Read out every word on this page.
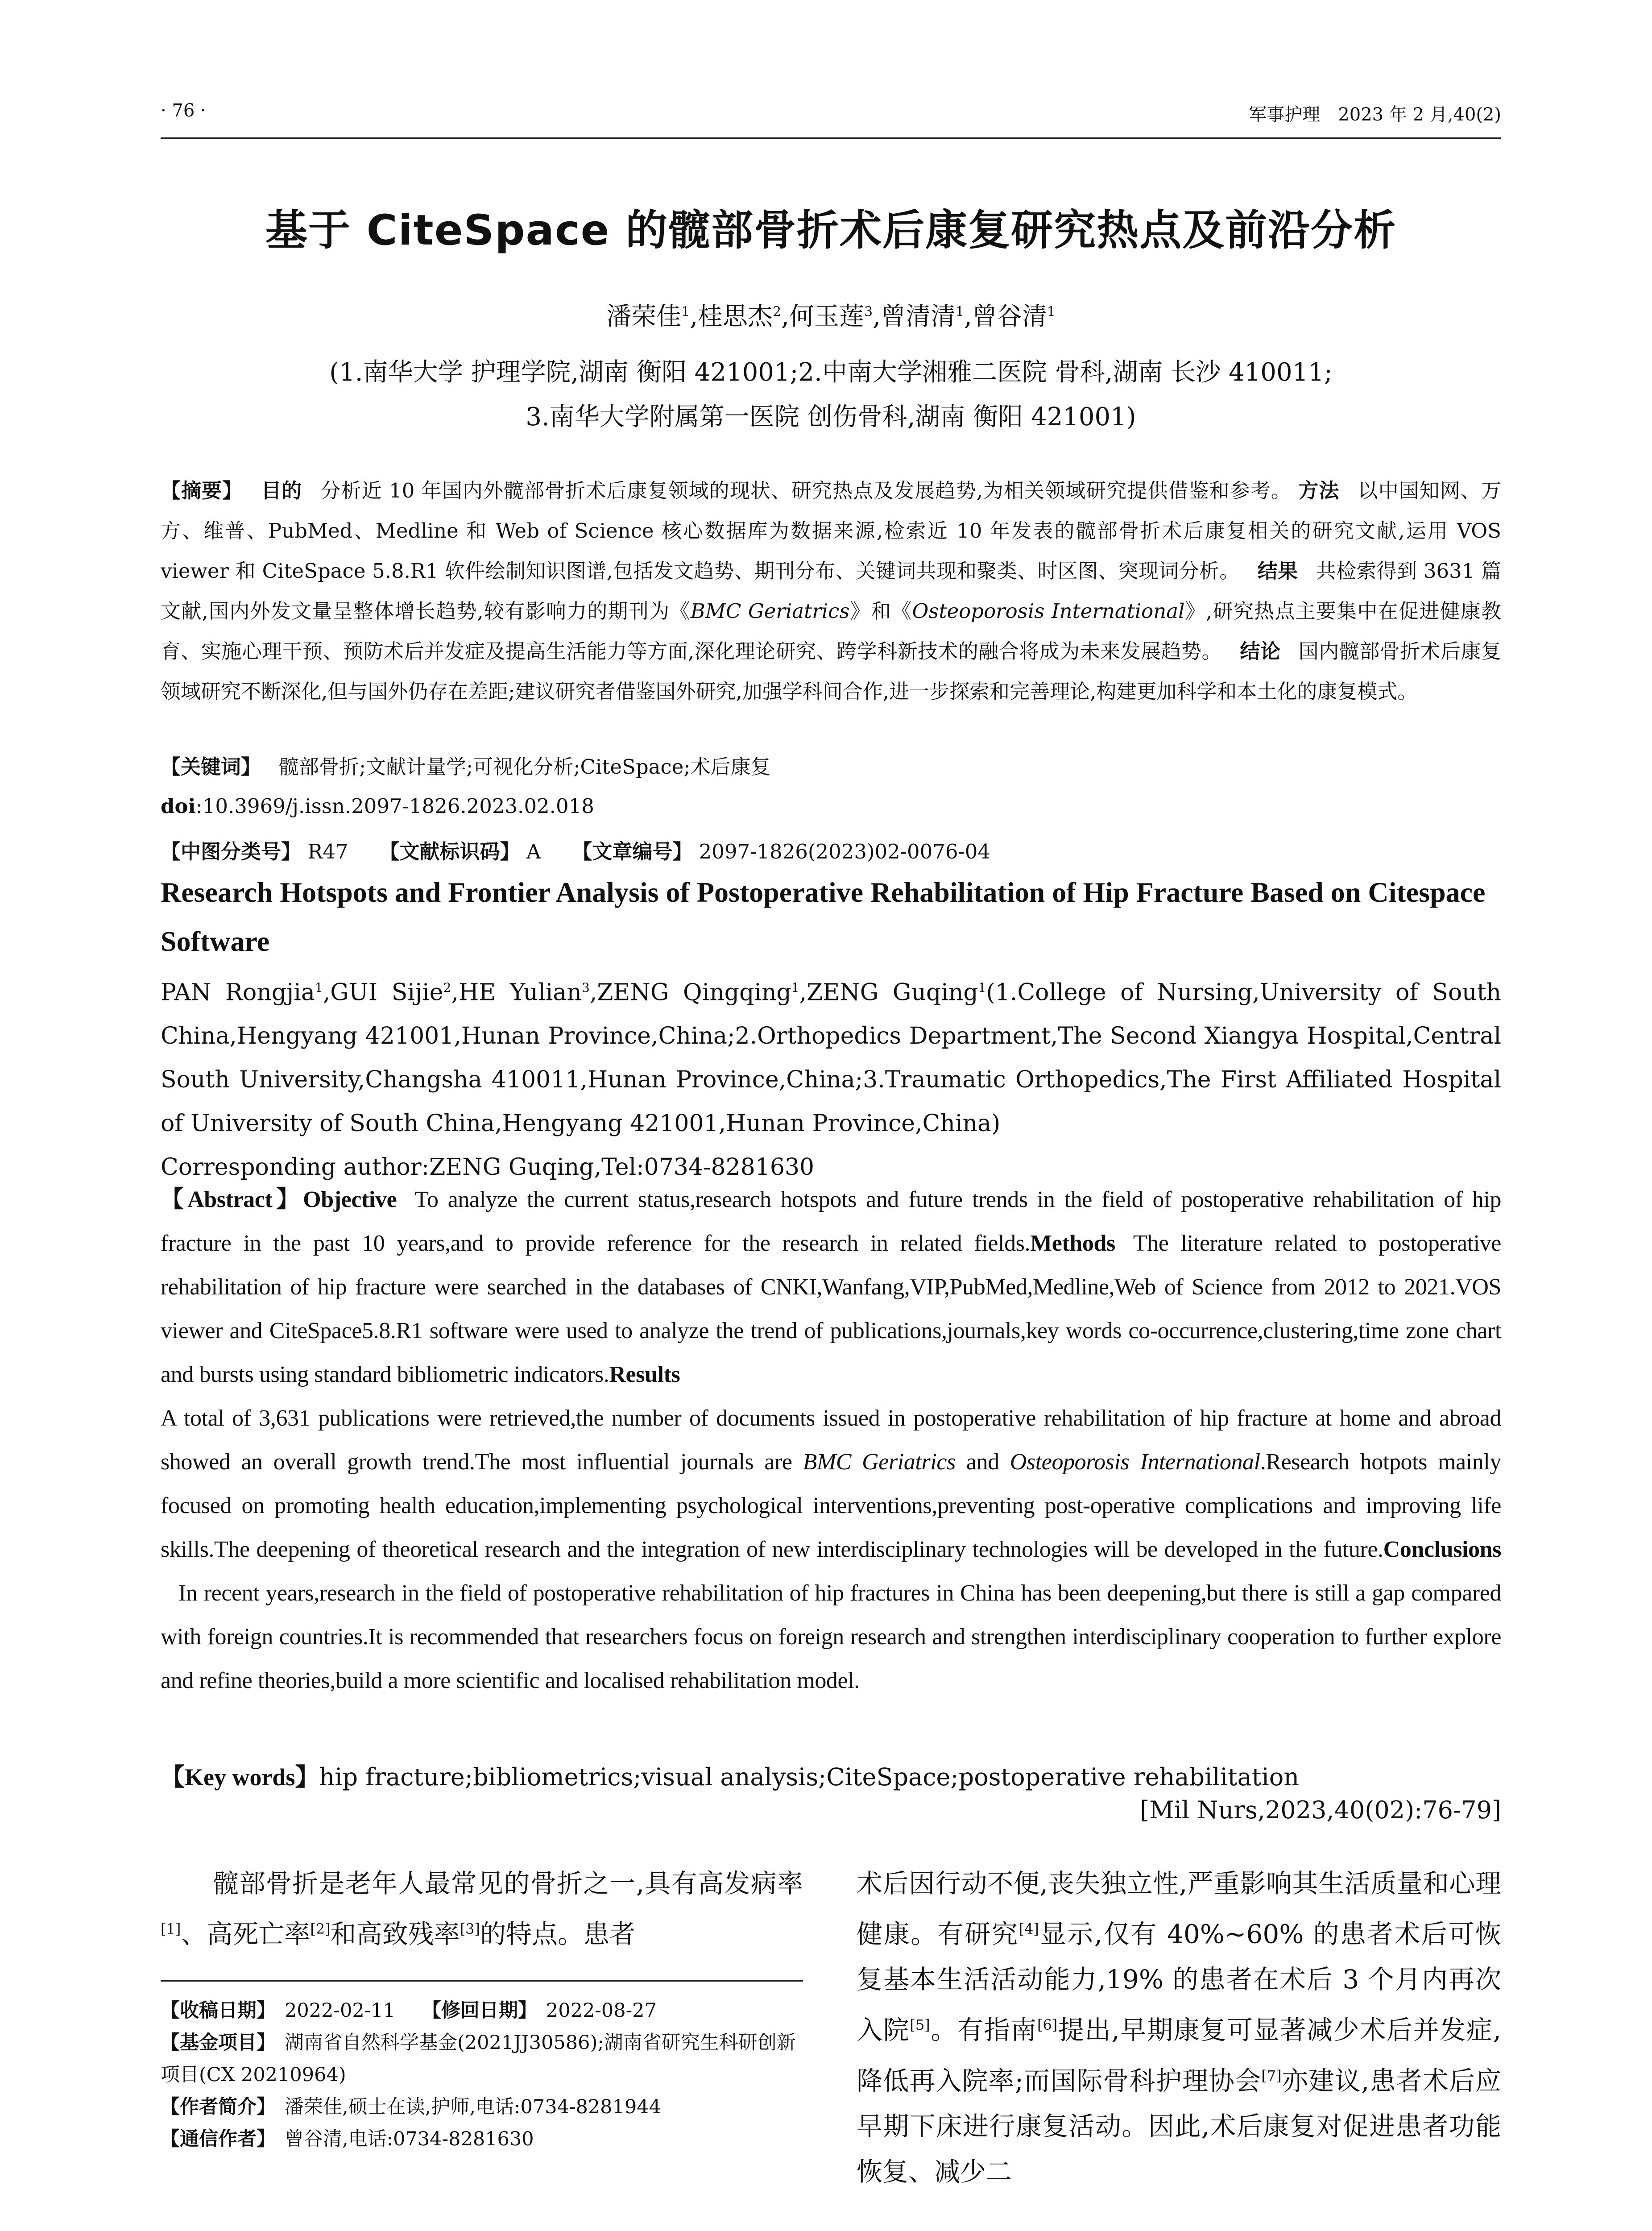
· 76 ·	军事护理　2023 年 2 月,40(2)
基于 CiteSpace 的髋部骨折术后康复研究热点及前沿分析
潘荣佳$^1$,桂思杰$^2$,何玉莲$^3$,曾清清$^1$,曾谷清$^1$
(1.南华大学 护理学院,湖南 衡阳 421001;2.中南大学湘雅二医院 骨科,湖南 长沙 410011;
3.南华大学附属第一医院 创伤骨科,湖南 衡阳 421001)
【摘要】 目的 分析近 10 年国内外髋部骨折术后康复领域的现状、研究热点及发展趋势,为相关领域研究提供借鉴和参考。 方法 以中国知网、万方、维普、PubMed、Medline 和 Web of Science 核心数据库为数据来源,检索近 10 年发表的髋部骨折术后康复相关的研究文献,运用 VOS viewer 和 CiteSpace 5.8.R1 软件绘制知识图谱,包括发文趋势、期刊分布、关键词共现和聚类、时区图、突现词分析。 结果 共检索得到 3631 篇文献,国内外发文量呈整体增长趋势,较有影响力的期刊为《BMC Geriatrics》和《Osteoporosis International》,研究热点主要集中在促进健康教育、实施心理干预、预防术后并发症及提高生活能力等方面,深化理论研究、跨学科新技术的融合将成为未来发展趋势。 结论 国内髋部骨折术后康复领域研究不断深化,但与国外仍存在差距;建议研究者借鉴国外研究,加强学科间合作,进一步探索和完善理论,构建更加科学和本土化的康复模式。
【关键词】 髋部骨折;文献计量学;可视化分析;CiteSpace;术后康复
doi:10.3969/j.issn.2097-1826.2023.02.018
【中图分类号】 R47 【文献标识码】 A 【文章编号】 2097-1826(2023)02-0076-04
Research Hotspots and Frontier Analysis of Postoperative Rehabilitation of Hip Fracture Based on Citespace Software
PAN Rongjia$^1$,GUI Sijie$^2$,HE Yulian$^3$,ZENG Qingqing$^1$,ZENG Guqing$^1$(1.College of Nursing,University of South China,Hengyang 421001,Hunan Province,China;2.Orthopedics Department,The Second Xiangya Hospital,Central South University,Changsha 410011,Hunan Province,China;3.Traumatic Orthopedics,The First Affiliated Hospital of University of South China,Hengyang 421001,Hunan Province,China)
Corresponding author:ZENG Guqing,Tel:0734-8281630
【Abstract】Objective To analyze the current status,research hotspots and future trends in the field of postoperative rehabilitation of hip fracture in the past 10 years,and to provide reference for the research in related fields.Methods The literature related to postoperative rehabilitation of hip fracture were searched in the databases of CNKI,Wanfang,VIP,PubMed,Medline,Web of Science from 2012 to 2021.VOS viewer and CiteSpace5.8.R1 software were used to analyze the trend of publications,journals,key words co-occurrence,clustering,time zone chart and bursts using standard bibliometric indicators.Results
A total of 3,631 publications were retrieved,the number of documents issued in postoperative rehabilitation of hip fracture at home and abroad showed an overall growth trend.The most influential journals are BMC Geriatrics and Osteoporosis International.Research hotpots mainly focused on promoting health education,implementing psychological interventions,preventing post-operative complications and improving life skills.The deepening of theoretical research and the integration of new interdisciplinary technologies will be developed in the future.ConclusionsIn recent years,research in the field of postoperative rehabilitation of hip fractures in China has been deepening,but there is still a gap compared with foreign countries.It is recommended that researchers focus on foreign research and strengthen interdisciplinary cooperation to further explore and refine theories,build a more scientific and localised rehabilitation model.
【Key words】hip fracture;bibliometrics;visual analysis;CiteSpace;postoperative rehabilitation
[Mil Nurs,2023,40(02):76-79]
髋部骨折是老年人最常见的骨折之一,具有高发病率[1]、高死亡率[2]和高致残率[3]的特点。患者
【收稿日期】 2022-02-11 【修回日期】 2022-08-27
【基金项目】 湖南省自然科学基金(2021JJ30586);湖南省研究生科研创新项目(CX 20210964)
【作者简介】 潘荣佳,硕士在读,护师,电话:0734-8281944
【通信作者】 曾谷清,电话:0734-8281630
术后因行动不便,丧失独立性,严重影响其生活质量和心理健康。有研究[4]显示,仅有 40%~60% 的患者术后可恢复基本生活活动能力,19% 的患者在术后 3 个月内再次入院[5]。有指南[6]提出,早期康复可显著减少术后并发症,降低再入院率;而国际骨科护理协会[7]亦建议,患者术后应早期下床进行康复活动。因此,术后康复对促进患者功能恢复、减少二
